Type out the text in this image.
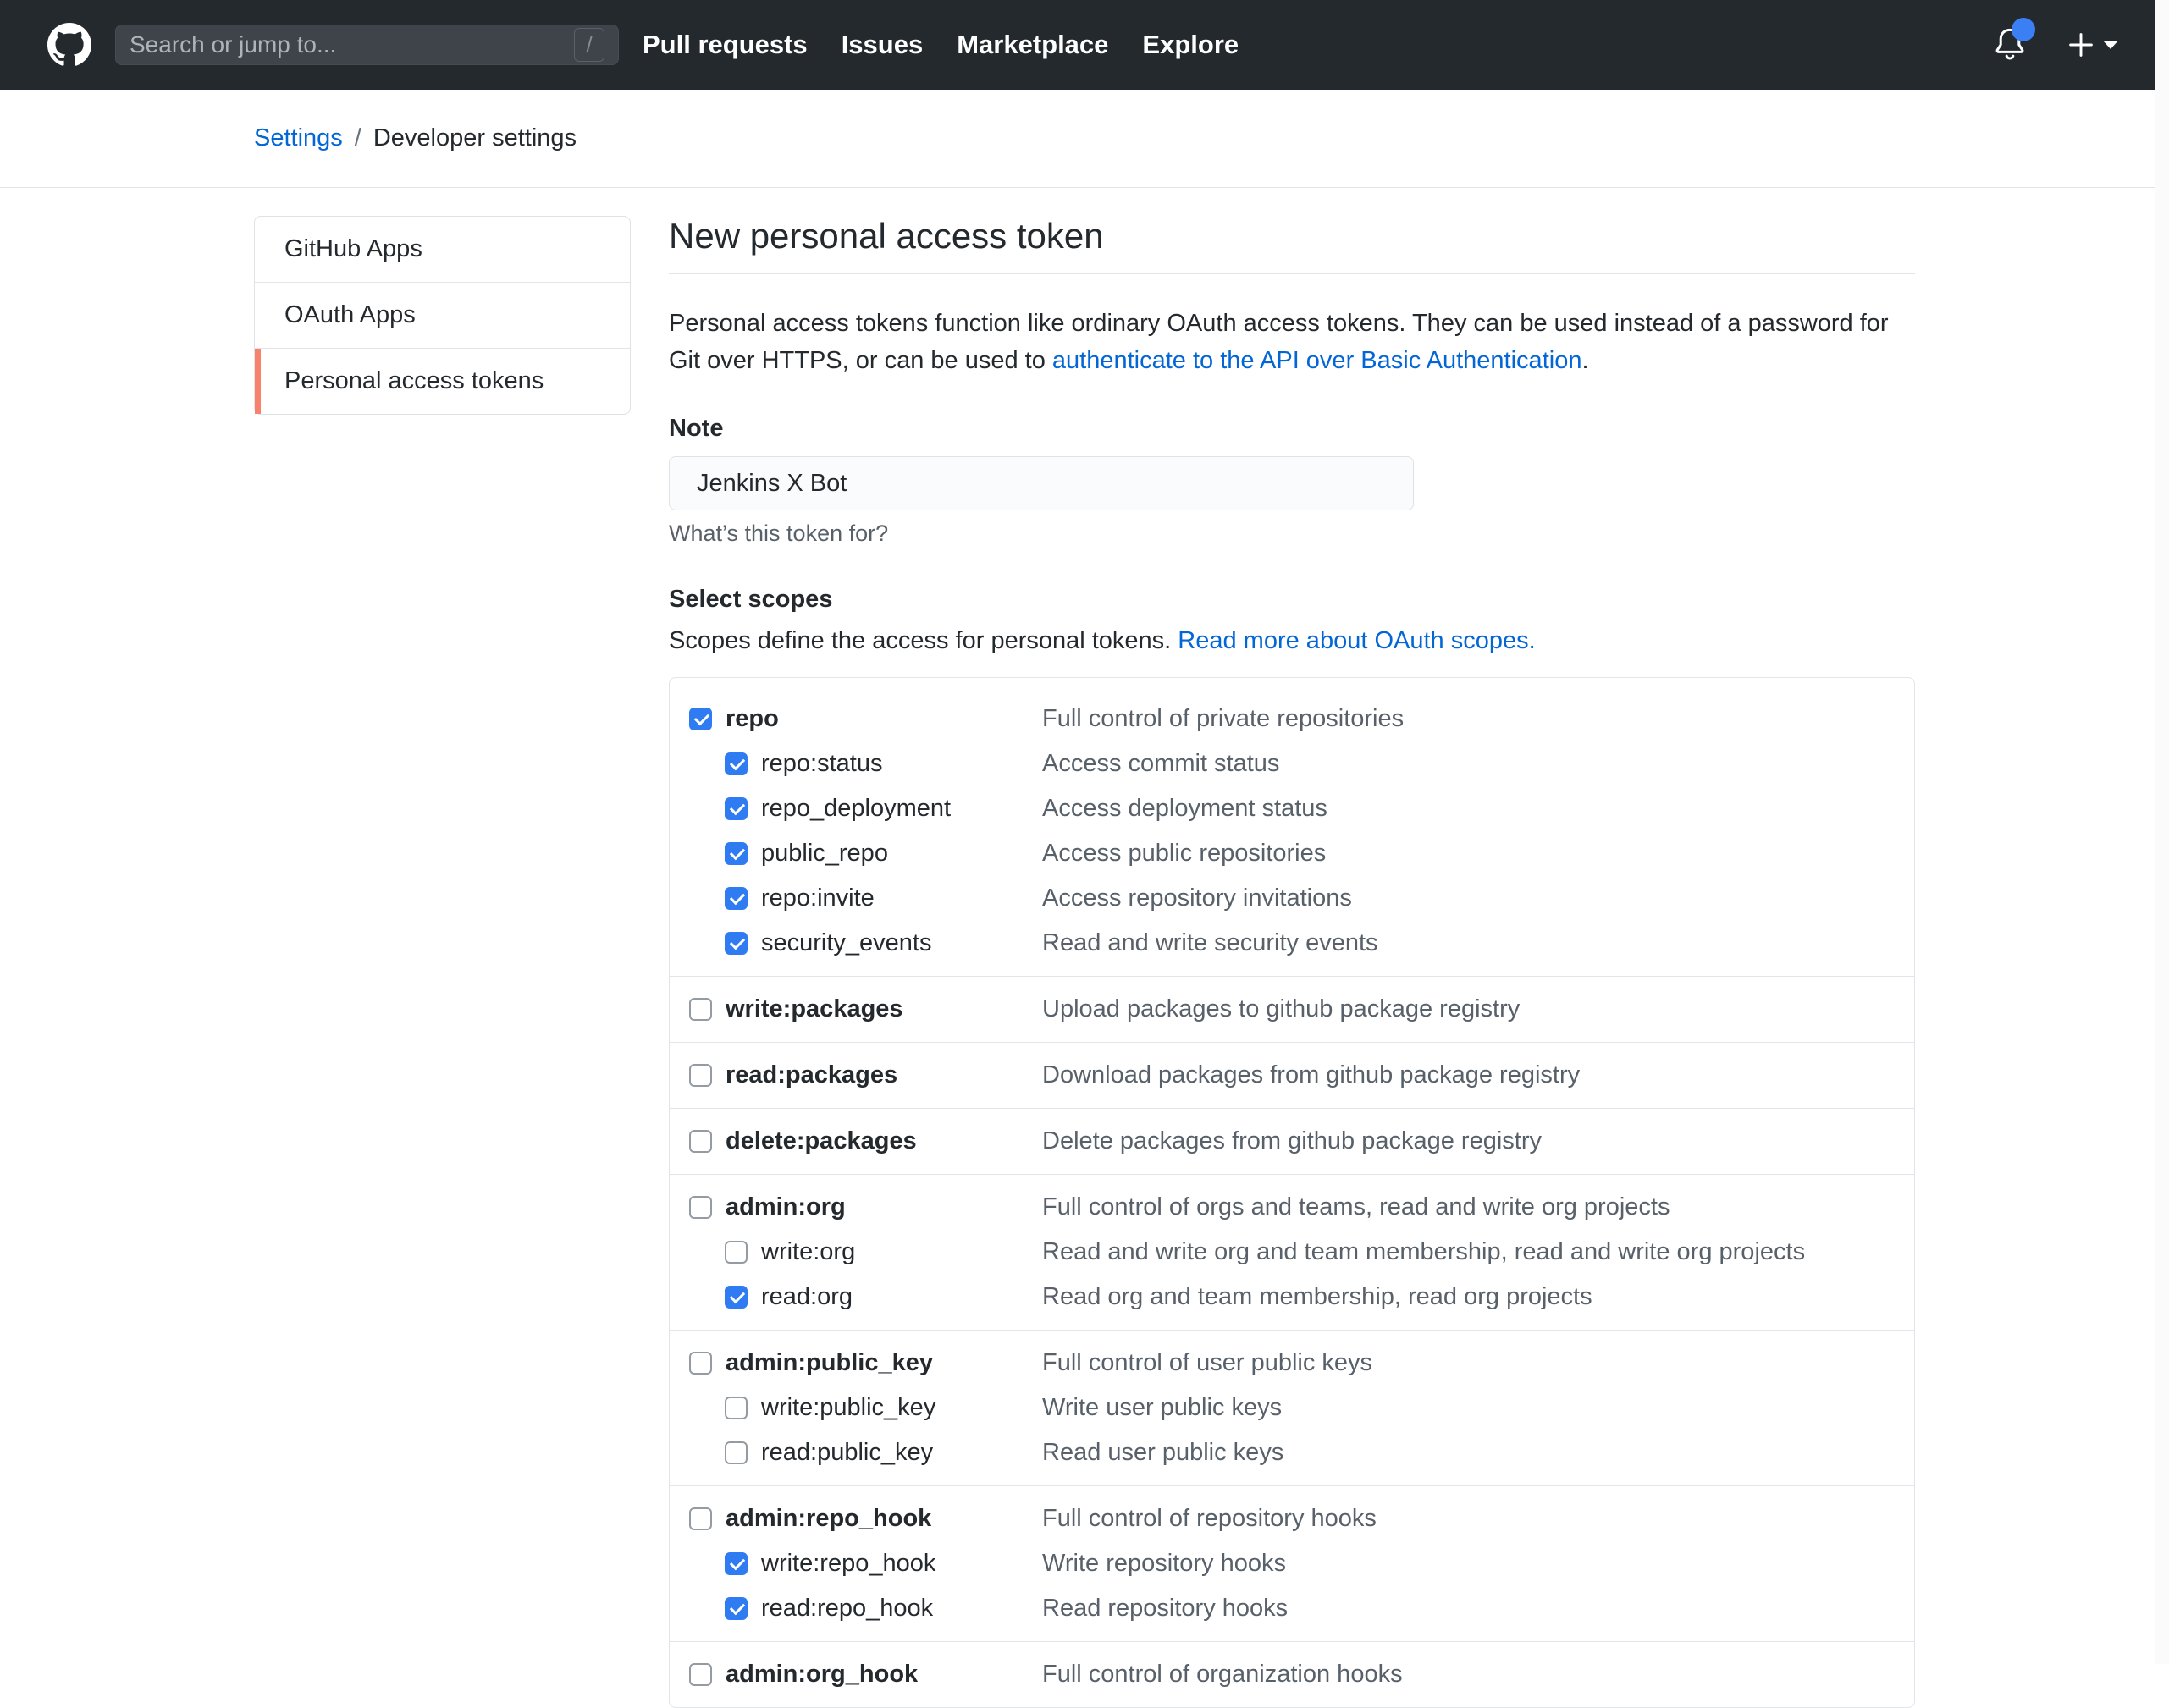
Search or jump to...
/	Pull requests Issues Marketplace Explore
Settings / Developer settings
GitHub Apps
OAuth Apps
Personal access tokens
New personal access token

Personal access tokens function like ordinary OAuth access tokens. They can be used instead of a password for Git over HTTPS, or can be used to authenticate to the API over Basic Authentication.

Note
Jenkins X Bot
What’s this token for?
Select scopes

Scopes define the access for personal tokens. Read more about OAuth scopes.

repo	Full control of private repositories
repo:status	Access commit status
repo_deployment	Access deployment status
public_repo	Access public repositories
repo:invite	Access repository invitations
security_events	Read and write security events
write:packages	Upload packages to github package registry
read:packages	Download packages from github package registry
delete:packages	Delete packages from github package registry
admin:org	Full control of orgs and teams, read and write org projects
write:org	Read and write org and team membership, read and write org projects
read:org	Read org and team membership, read org projects
admin:public_key	Full control of user public keys
write:public_key	Write user public keys
read:public_key	Read user public keys
admin:repo_hook	Full control of repository hooks
write:repo_hook	Write repository hooks
read:repo_hook	Read repository hooks
admin:org_hook	Full control of organization hooks
